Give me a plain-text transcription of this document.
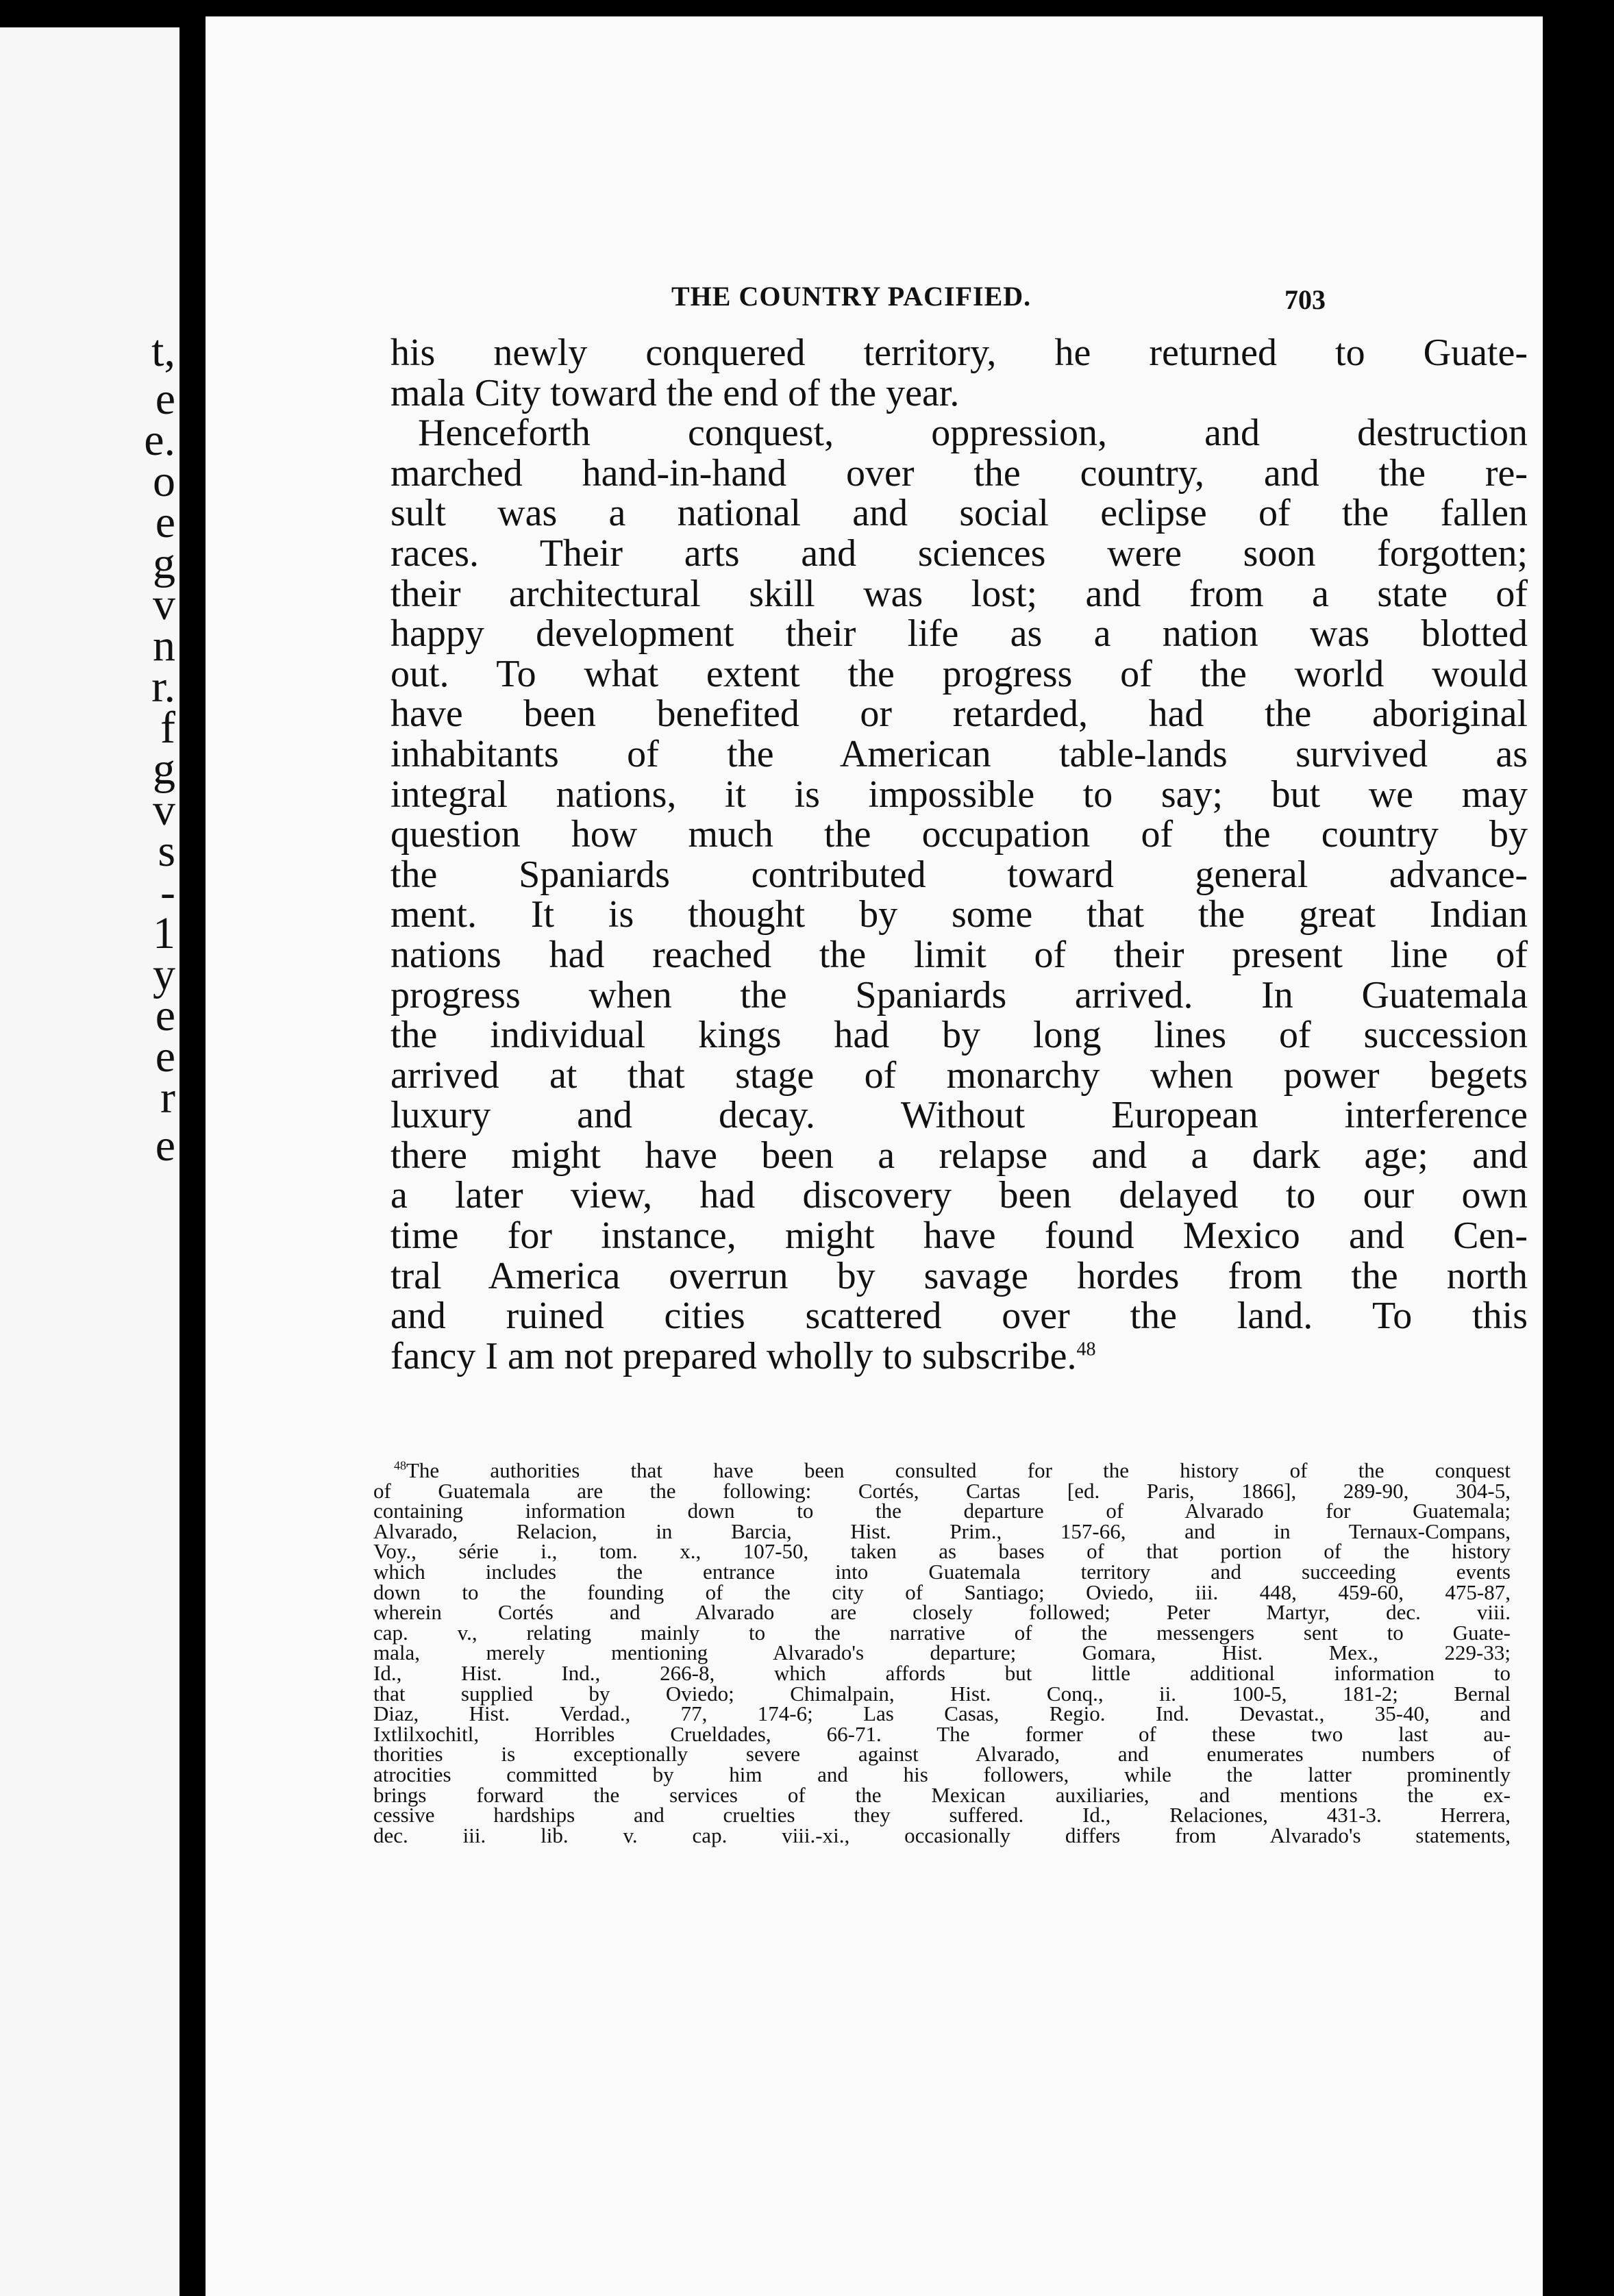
t,
e
e.
o
e
g
v
n
r.
f
g
v
s
-
1
y
e
e
r
e
THE COUNTRY PACIFIED.	703
his newly conquered territory, he returned to Guate-
mala City toward the end of the year.
Henceforth conquest, oppression, and destruction
marched hand-in-hand over the country, and the re-
sult was a national and social eclipse of the fallen
races. Their arts and sciences were soon forgotten;
their architectural skill was lost; and from a state of
happy development their life as a nation was blotted
out. To what extent the progress of the world would
have been benefited or retarded, had the aboriginal
inhabitants of the American table-lands survived as
integral nations, it is impossible to say; but we may
question how much the occupation of the country by
the Spaniards contributed toward general advance-
ment. It is thought by some that the great Indian
nations had reached the limit of their present line of
progress when the Spaniards arrived. In Guatemala
the individual kings had by long lines of succession
arrived at that stage of monarchy when power begets
luxury and decay. Without European interference
there might have been a relapse and a dark age; and
a later view, had discovery been delayed to our own
time for instance, might have found Mexico and Cen-
tral America overrun by savage hordes from the north
and ruined cities scattered over the land. To this
fancy I am not prepared wholly to subscribe.$^{48}$
$^{48}$The authorities that have been consulted for the history of the conquest
of Guatemala are the following: Cortés, Cartas [ed. Paris, 1866], 289-90, 304-5,
containing information down to the departure of Alvarado for Guatemala;
Alvarado, Relacion, in Barcia, Hist. Prim., 157-66, and in Ternaux-Compans,
Voy., série i., tom. x., 107-50, taken as bases of that portion of the history
which includes the entrance into Guatemala territory and succeeding events
down to the founding of the city of Santiago; Oviedo, iii. 448, 459-60, 475-87,
wherein Cortés and Alvarado are closely followed; Peter Martyr, dec. viii.
cap. v., relating mainly to the narrative of the messengers sent to Guate-
mala, merely mentioning Alvarado's departure; Gomara, Hist. Mex., 229-33;
Id., Hist. Ind., 266-8, which affords but little additional information to
that supplied by Oviedo; Chimalpain, Hist. Conq., ii. 100-5, 181-2; Bernal
Diaz, Hist. Verdad., 77, 174-6; Las Casas, Regio. Ind. Devastat., 35-40, and
Ixtlilxochitl, Horribles Crueldades, 66-71. The former of these two last au-
thorities is exceptionally severe against Alvarado, and enumerates numbers of
atrocities committed by him and his followers, while the latter prominently
brings forward the services of the Mexican auxiliaries, and mentions the ex-
cessive hardships and cruelties they suffered. Id., Relaciones, 431-3. Herrera,
dec. iii. lib. v. cap. viii.-xi., occasionally differs from Alvarado's statements,
